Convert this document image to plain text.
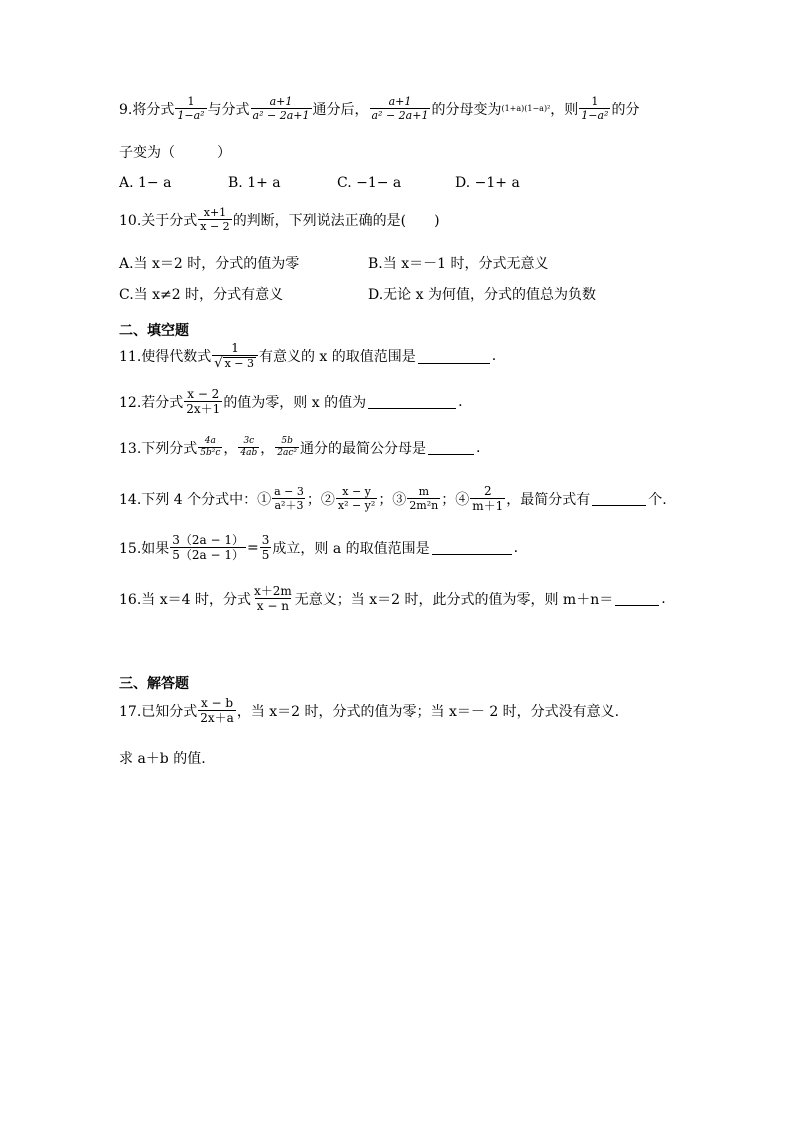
9.将分式 $\frac{1}{\text{1−a²}}$ 与分式 $\frac{a+1}{\text{a² − 2a+1}}$ 通分后， $\frac{a+1}{\text{a² − 2a+1}}$ 的分母变为 (1+a)(1−a)² ，则 $\frac{1}{\text{1−a²}}$ 的分
子变为（　　　）
A. 1− a	B. 1+ a	C. −1− a	D. −1+ a
10.关于分式 $\frac{x+1}{x - 2}$ 的判断，下列说法正确的是(　　)
A.当 x＝2 时，分式的值为零	B.当 x＝－1 时，分式无意义
C.当 x≠2 时，分式有意义	D.无论 x 为何值，分式的值总为负数
二、填空题
11.使得代数式 $\frac{1}{√ x - 3}$ 有意义的 x 的取值范围是	.
12.若分式 $\frac{x - 2}{2x+1}$ 的值为零，则 x 的值为	.
13.下列分式 $\frac{4a}{\text{5b²c}}$ ， $\frac{3c}{4ab}$ ， $\frac{5b}{\text{2ac²}}$ 通分的最简公分母是	.
14.下列 4 个分式中：① $\frac{a - 3}{\text{a²＋3}}$ ；② $\frac{x - y}{\text{x² − y²}}$ ；③ $\frac{m}{\text{2m²n}}$ ；④ $\frac{2}{m+1}$ ，最简分式有	个.
15.如果 $\frac{3(2a - 1)}{5(2a - 1)} = \frac{3}{5}$ 成立，则 a 的取值范围是	.
16.当 x＝4 时，分式 $\frac{x+2m}{x - n}$ 无意义；当 x＝2 时，此分式的值为零，则 m＋n＝	.
三、解答题
17.已知分式 $\frac{x - b}{2x+a}$ ，当 x＝2 时，分式的值为零；当 x＝－ 2 时，分式没有意义.
求 a＋b 的值.
